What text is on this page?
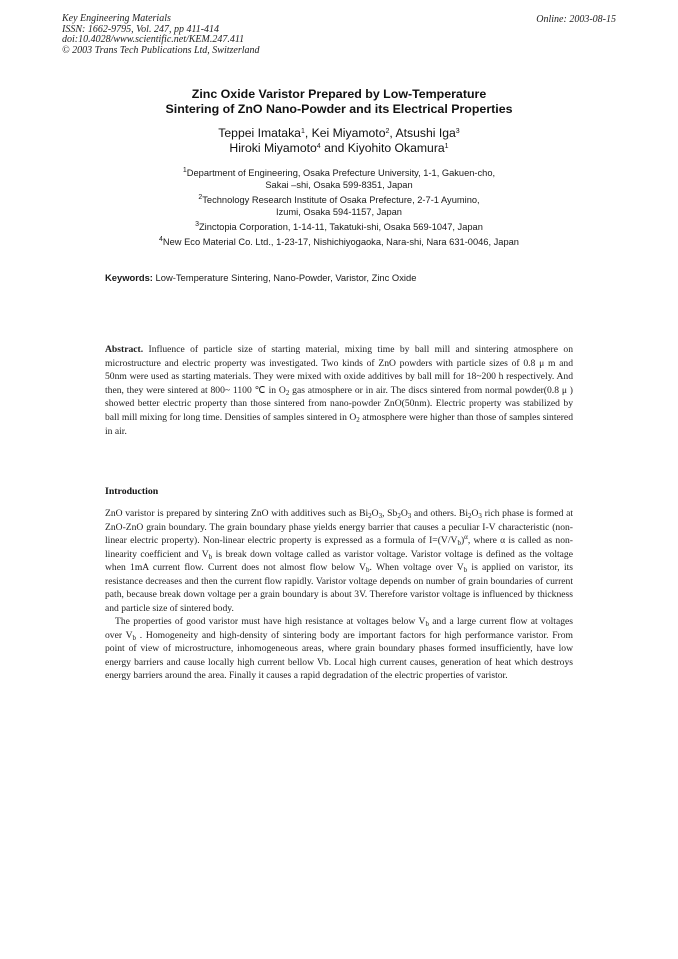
Key Engineering Materials
ISSN: 1662-9795, Vol. 247, pp 411-414
doi:10.4028/www.scientific.net/KEM.247.411
© 2003 Trans Tech Publications Ltd, Switzerland
Online: 2003-08-15
Zinc Oxide Varistor Prepared by Low-Temperature
Sintering of ZnO Nano-Powder and its Electrical Properties
Teppei Imataka$^1$, Kei Miyamoto$^2$, Atsushi Iga$^3$
Hiroki Miyamoto$^4$ and Kiyohito Okamura$^1$
$^1$Department of Engineering, Osaka Prefecture University, 1-1, Gakuen-cho,
Sakai –shi, Osaka 599-8351, Japan
$^2$Technology Research Institute of Osaka Prefecture, 2-7-1 Ayumino,
Izumi, Osaka 594-1157, Japan
$^3$Zinctopia Corporation, 1-14-11, Takatuki-shi, Osaka 569-1047, Japan
$^4$New Eco Material Co. Ltd., 1-23-17, Nishichiyogaoka, Nara-shi, Nara 631-0046, Japan
Keywords: Low-Temperature Sintering, Nano-Powder, Varistor, Zinc Oxide
Abstract. Influence of particle size of starting material, mixing time by ball mill and sintering atmosphere on microstructure and electric property was investigated. Two kinds of ZnO powders with particle sizes of 0.8 μ m and 50nm were used as starting materials. They were mixed with oxide additives by ball mill for 18~200 h respectively. And then, they were sintered at 800~ 1100 ℃ in $O_2$ gas atmosphere or in air. The discs sintered from normal powder(0.8 μ ) showed better electric property than those sintered from nano-powder ZnO(50nm). Electric property was stabilized by ball mill mixing for long time. Densities of samples sintered in $O_2$ atmosphere were higher than those of samples sintered in air.
Introduction

ZnO varistor is prepared by sintering ZnO with additives such as $Bi_2O_3$, $Sb_2O_3$ and others. $Bi_2O_3$ rich phase is formed at ZnO-ZnO grain boundary. The grain boundary phase yields energy barrier that causes a peculiar I-V characteristic (non-linear electric property). Non-linear electric property is expressed as a formula of $I=(V/V_b)^\alpha$, where α is called as non-linearity coefficient and $V_b$ is break down voltage called as varistor voltage. Varistor voltage is defined as the voltage when 1mA current flow. Current does not almost flow below $V_b$. When voltage over $V_b$ is applied on varistor, its resistance decreases and then the current flow rapidly. Varistor voltage depends on number of grain boundaries of current path, because break down voltage per a grain boundary is about 3V. Therefore varistor voltage is influenced by thickness and particle size of sintered body.

The properties of good varistor must have high resistance at voltages below $V_b$ and a large current flow at voltages over $V_b$ . Homogeneity and high-density of sintering body are important factors for high performance varistor. From point of view of microstructure, inhomogeneous areas, where grain boundary phases formed insufficiently, have low energy barriers and cause locally high current bellow Vb. Local high current causes, generation of heat which destroys energy barriers around the area. Finally it causes a rapid degradation of the electric properties of varistor.
